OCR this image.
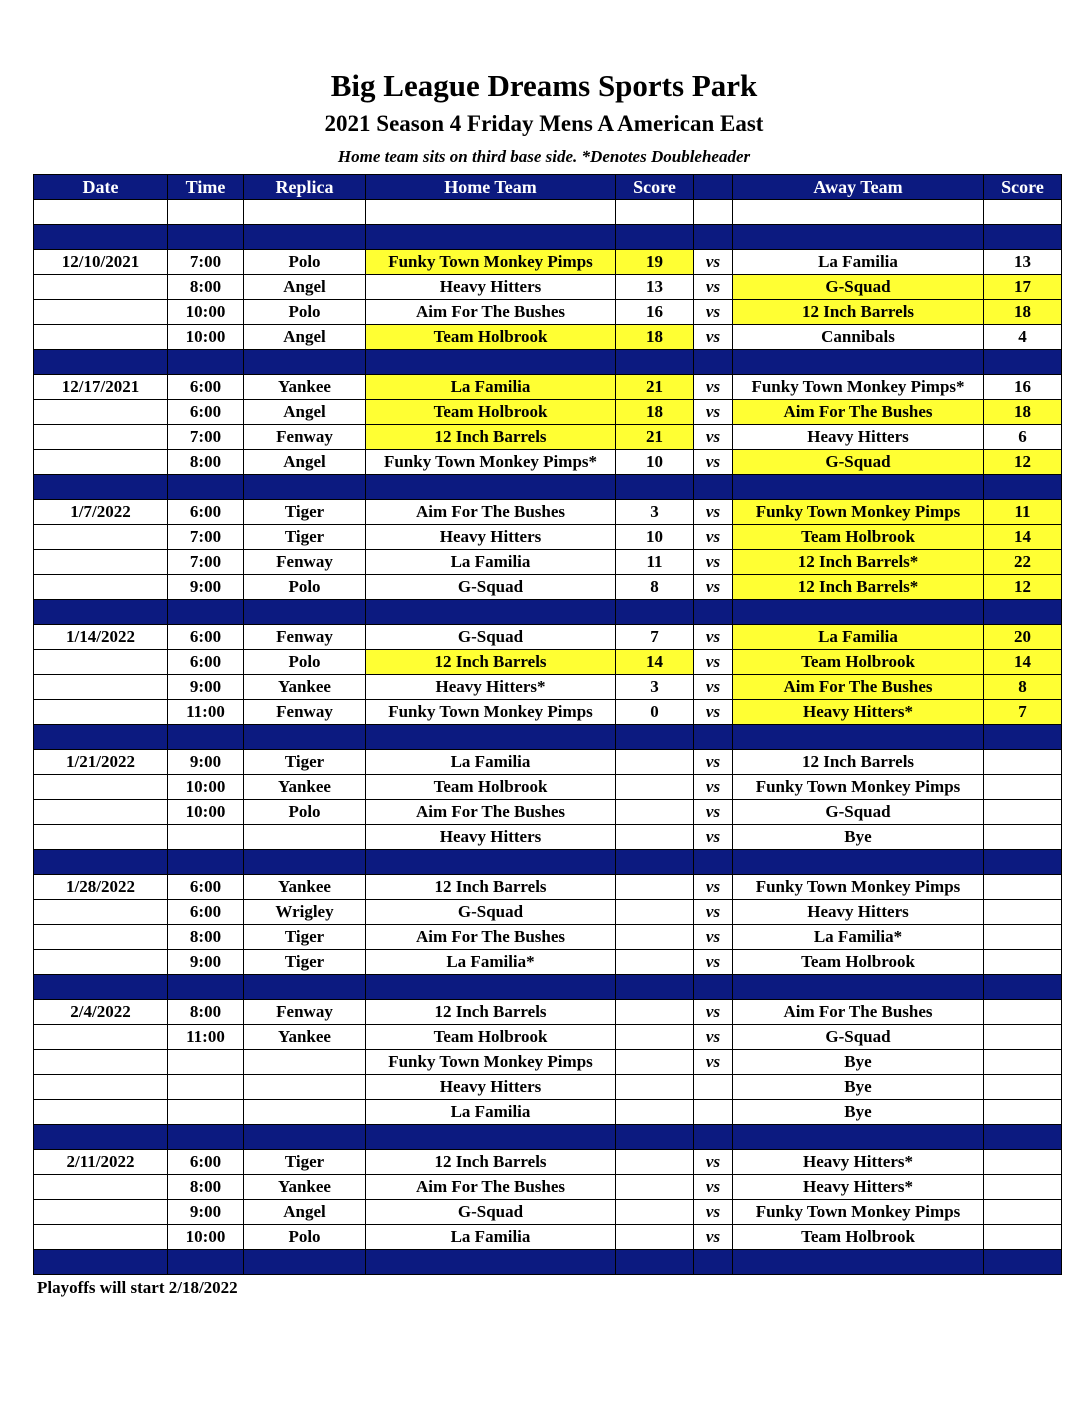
Big League Dreams Sports Park
2021 Season 4 Friday Mens A American East
Home team sits on third base side. *Denotes Doubleheader
Date	Time	Replica	Home Team	Score		Away Team	Score

12/10/2021	7:00	Polo	Funky Town Monkey Pimps	19	vs	La Familia	13
	8:00	Angel	Heavy Hitters	13	vs	G-Squad	17
	10:00	Polo	Aim For The Bushes	16	vs	12 Inch Barrels	18
	10:00	Angel	Team Holbrook	18	vs	Cannibals	4

12/17/2021	6:00	Yankee	La Familia	21	vs	Funky Town Monkey Pimps*	16
	6:00	Angel	Team Holbrook	18	vs	Aim For The Bushes	18
	7:00	Fenway	12 Inch Barrels	21	vs	Heavy Hitters	6
	8:00	Angel	Funky Town Monkey Pimps*	10	vs	G-Squad	12

1/7/2022	6:00	Tiger	Aim For The Bushes	3	vs	Funky Town Monkey Pimps	11
	7:00	Tiger	Heavy Hitters	10	vs	Team Holbrook	14
	7:00	Fenway	La Familia	11	vs	12 Inch Barrels*	22
	9:00	Polo	G-Squad	8	vs	12 Inch Barrels*	12

1/14/2022	6:00	Fenway	G-Squad	7	vs	La Familia	20
	6:00	Polo	12 Inch Barrels	14	vs	Team Holbrook	14
	9:00	Yankee	Heavy Hitters*	3	vs	Aim For The Bushes	8
	11:00	Fenway	Funky Town Monkey Pimps	0	vs	Heavy Hitters*	7

1/21/2022	9:00	Tiger	La Familia		vs	12 Inch Barrels	
	10:00	Yankee	Team Holbrook		vs	Funky Town Monkey Pimps	
	10:00	Polo	Aim For The Bushes		vs	G-Squad	
			Heavy Hitters		vs	Bye	

1/28/2022	6:00	Yankee	12 Inch Barrels		vs	Funky Town Monkey Pimps	
	6:00	Wrigley	G-Squad		vs	Heavy Hitters	
	8:00	Tiger	Aim For The Bushes		vs	La Familia*	
	9:00	Tiger	La Familia*		vs	Team Holbrook	

2/4/2022	8:00	Fenway	12 Inch Barrels		vs	Aim For The Bushes	
	11:00	Yankee	Team Holbrook		vs	G-Squad	
			Funky Town Monkey Pimps		vs	Bye	
			Heavy Hitters			Bye	
			La Familia			Bye	

2/11/2022	6:00	Tiger	12 Inch Barrels		vs	Heavy Hitters*	
	8:00	Yankee	Aim For The Bushes		vs	Heavy Hitters*	
	9:00	Angel	G-Squad		vs	Funky Town Monkey Pimps	
	10:00	Polo	La Familia		vs	Team Holbrook	

Playoffs will start 2/18/2022
